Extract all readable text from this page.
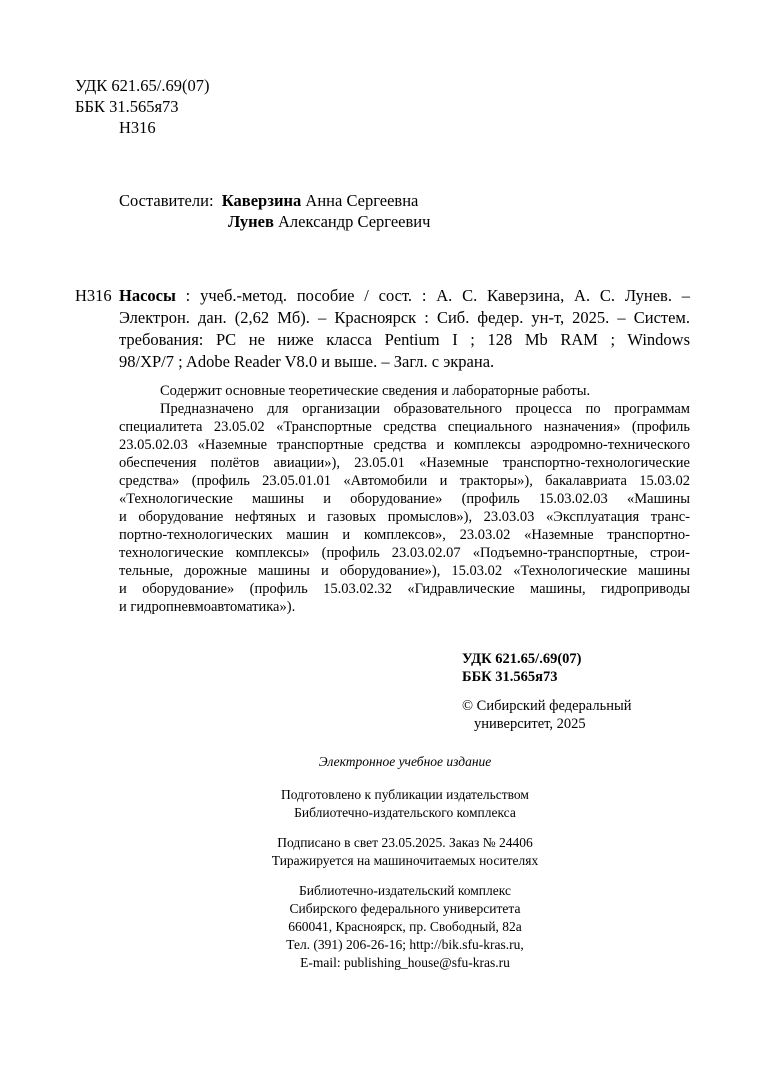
УДК 621.65/.69(07)
ББК 31.565я73
Н316
Составители: Каверзина Анна Сергеевна
Лунев Александр Сергеевич
Н316 Насосы : учеб.-метод. пособие / сост. : А. С. Каверзина, А. С. Лунев. –
Электрон. дан. (2,62 Мб). – Красноярск : Сиб. федер. ун-т, 2025. – Систем.
требования: PC не ниже класса Pentium I ; 128 Mb RAM ; Windows
98/XP/7 ; Adobe Reader V8.0 и выше. – Загл. с экрана.
Содержит основные теоретические сведения и лабораторные работы.
Предназначено для организации образовательного процесса по программам
специалитета 23.05.02 «Транспортные средства специального назначения» (профиль
23.05.02.03 «Наземные транспортные средства и комплексы аэродромно-технического
обеспечения полётов авиации»), 23.05.01 «Наземные транспортно-технологические
средства» (профиль 23.05.01.01 «Автомобили и тракторы»), бакалавриата 15.03.02
«Технологические машины и оборудование» (профиль 15.03.02.03 «Машины
и оборудование нефтяных и газовых промыслов»), 23.03.03 «Эксплуатация транс-
портно-технологических машин и комплексов», 23.03.02 «Наземные транспортно-
технологические комплексы» (профиль 23.03.02.07 «Подъемно-транспортные, строи-
тельные, дорожные машины и оборудование»), 15.03.02 «Технологические машины
и оборудование» (профиль 15.03.02.32 «Гидравлические машины, гидроприводы
и гидропневмоавтоматика»).
УДК 621.65/.69(07)
ББК 31.565я73
© Сибирский федеральный
университет, 2025
Электронное учебное издание
Подготовлено к публикации издательством
Библиотечно-издательского комплекса
Подписано в свет 23.05.2025. Заказ № 24406
Тиражируется на машиночитаемых носителях
Библиотечно-издательский комплекс
Сибирского федерального университета
660041, Красноярск, пр. Свободный, 82а
Тел. (391) 206-26-16; http://bik.sfu-kras.ru,
E-mail: publishing_house@sfu-kras.ru
